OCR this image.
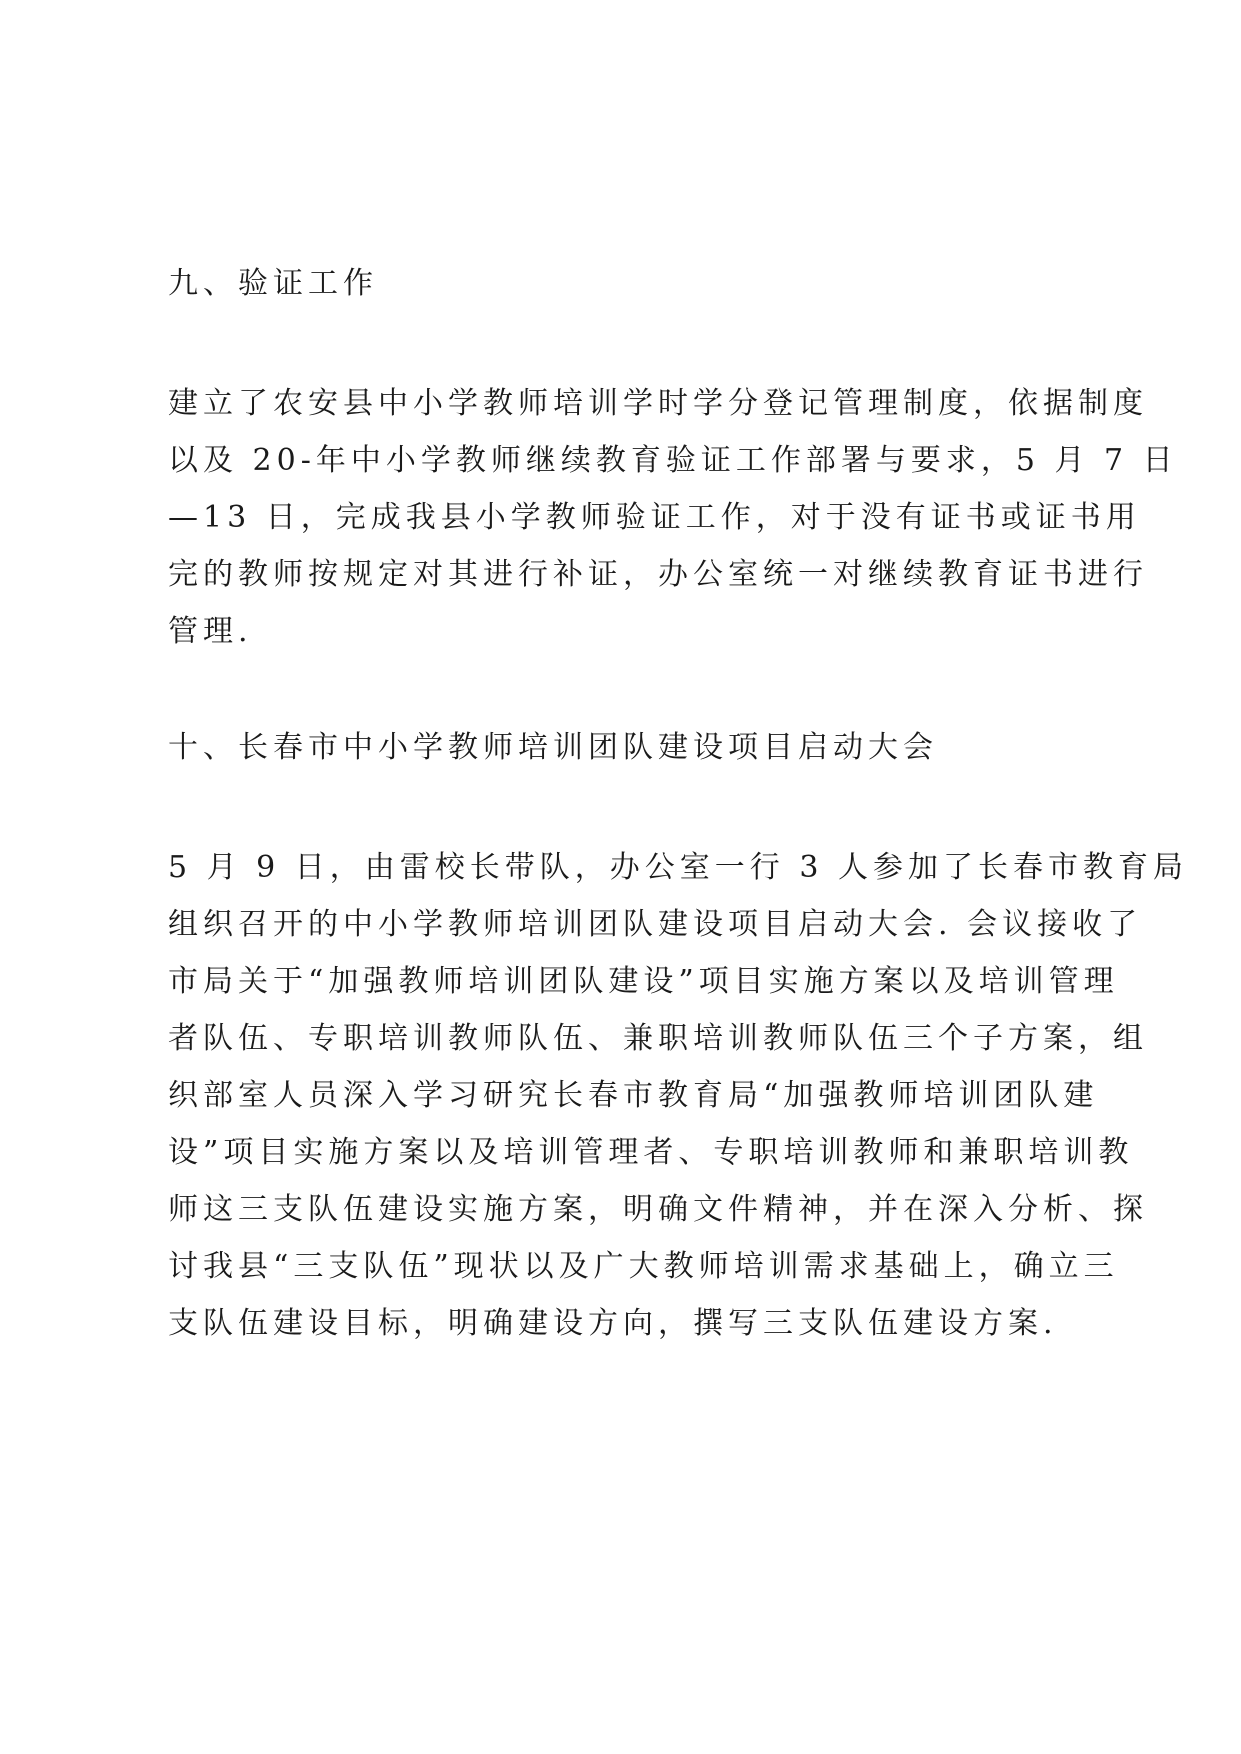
九、验证工作
建立了农安县中小学教师培训学时学分登记管理制度，依据制度
以及 20-年中小学教师继续教育验证工作部署与要求，5 月 7 日
—13 日，完成我县小学教师验证工作，对于没有证书或证书用
完的教师按规定对其进行补证，办公室统一对继续教育证书进行
管理.
十、长春市中小学教师培训团队建设项目启动大会
5 月 9 日，由雷校长带队，办公室一行 3 人参加了长春市教育局
组织召开的中小学教师培训团队建设项目启动大会. 会议接收了
市局关于“加强教师培训团队建设”项目实施方案以及培训管理
者队伍、专职培训教师队伍、兼职培训教师队伍三个子方案，组
织部室人员深入学习研究长春市教育局“加强教师培训团队建
设”项目实施方案以及培训管理者、专职培训教师和兼职培训教
师这三支队伍建设实施方案，明确文件精神，并在深入分析、探
讨我县“三支队伍”现状以及广大教师培训需求基础上，确立三
支队伍建设目标，明确建设方向，撰写三支队伍建设方案.
